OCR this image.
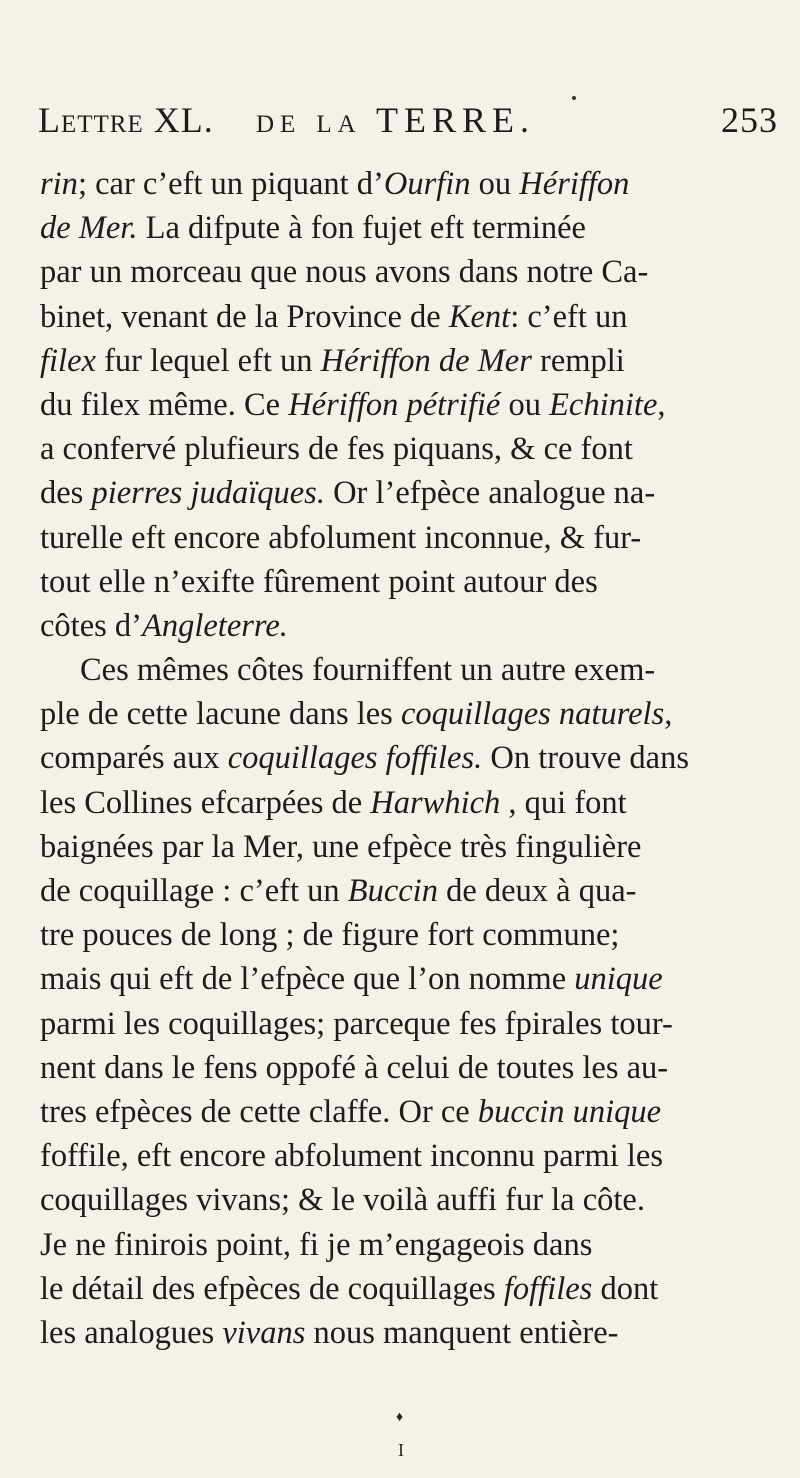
Lettre XL. de la TERRE.	253
rin; car c’eft un piquant d’Ourfin ou Hériffon
de Mer. La difpute à fon fujet eft terminée
par un morceau que nous avons dans notre Ca-
binet, venant de la Province de Kent: c’eft un
filex fur lequel eft un Hériffon de Mer rempli
du filex même. Ce Hériffon pétrifié ou Echinite,
a confervé plufieurs de fes piquans, & ce font
des pierres judaïques. Or l’efpèce analogue na-
turelle eft encore abfolument inconnue, & fur-
tout elle n’exifte fûrement point autour des
côtes d’Angleterre.
Ces mêmes côtes fourniffent un autre exem-
ple de cette lacune dans les coquillages naturels,
comparés aux coquillages foffiles. On trouve dans
les Collines efcarpées de Harwhich , qui font
baignées par la Mer, une efpèce très fingulière
de coquillage : c’eft un Buccin de deux à qua-
tre pouces de long ; de figure fort commune;
mais qui eft de l’efpèce que l’on nomme unique
parmi les coquillages; parceque fes fpirales tour-
nent dans le fens oppofé à celui de toutes les au-
tres efpèces de cette claffe. Or ce buccin unique
foffile, eft encore abfolument inconnu parmi les
coquillages vivans; & le voilà auffi fur la côte.
Je ne finirois point, fi je m’engageois dans
le détail des efpèces de coquillages foffiles dont
les analogues vivans nous manquent entière-
♦
I
